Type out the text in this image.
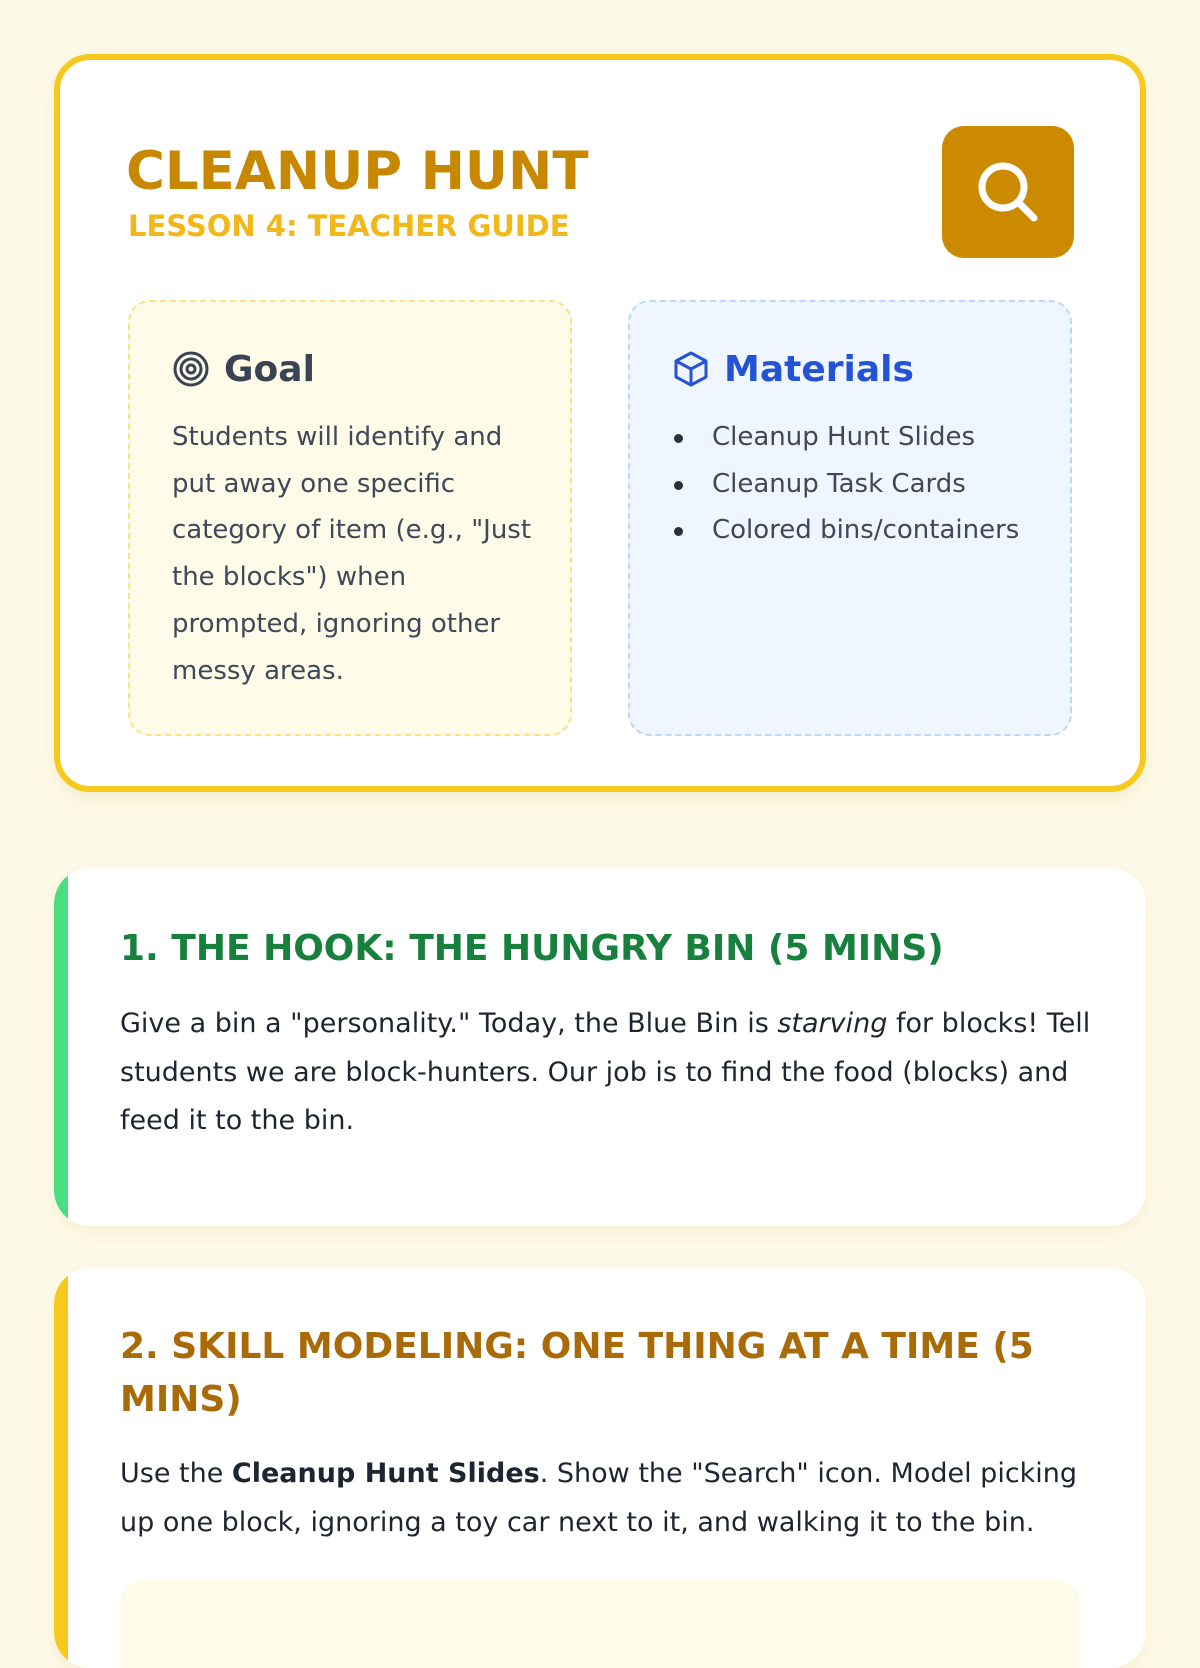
CLEANUP HUNT

LESSON 4: TEACHER GUIDE

Goal

Students will identify and put away one specific category of item (e.g., "Just the blocks") when prompted, ignoring other messy areas.

Materials
Cleanup Hunt Slides
Cleanup Task Cards
Colored bins/containers
1. THE HOOK: THE HUNGRY BIN (5 MINS)

Give a bin a "personality." Today, the Blue Bin is starving for blocks! Tell students we are block-hunters. Our job is to find the food (blocks) and feed it to the bin.

2. SKILL MODELING: ONE THING AT A TIME (5 MINS)

Use the Cleanup Hunt Slides. Show the "Search" icon. Model picking up one block, ignoring a toy car next to it, and walking it to the bin.
